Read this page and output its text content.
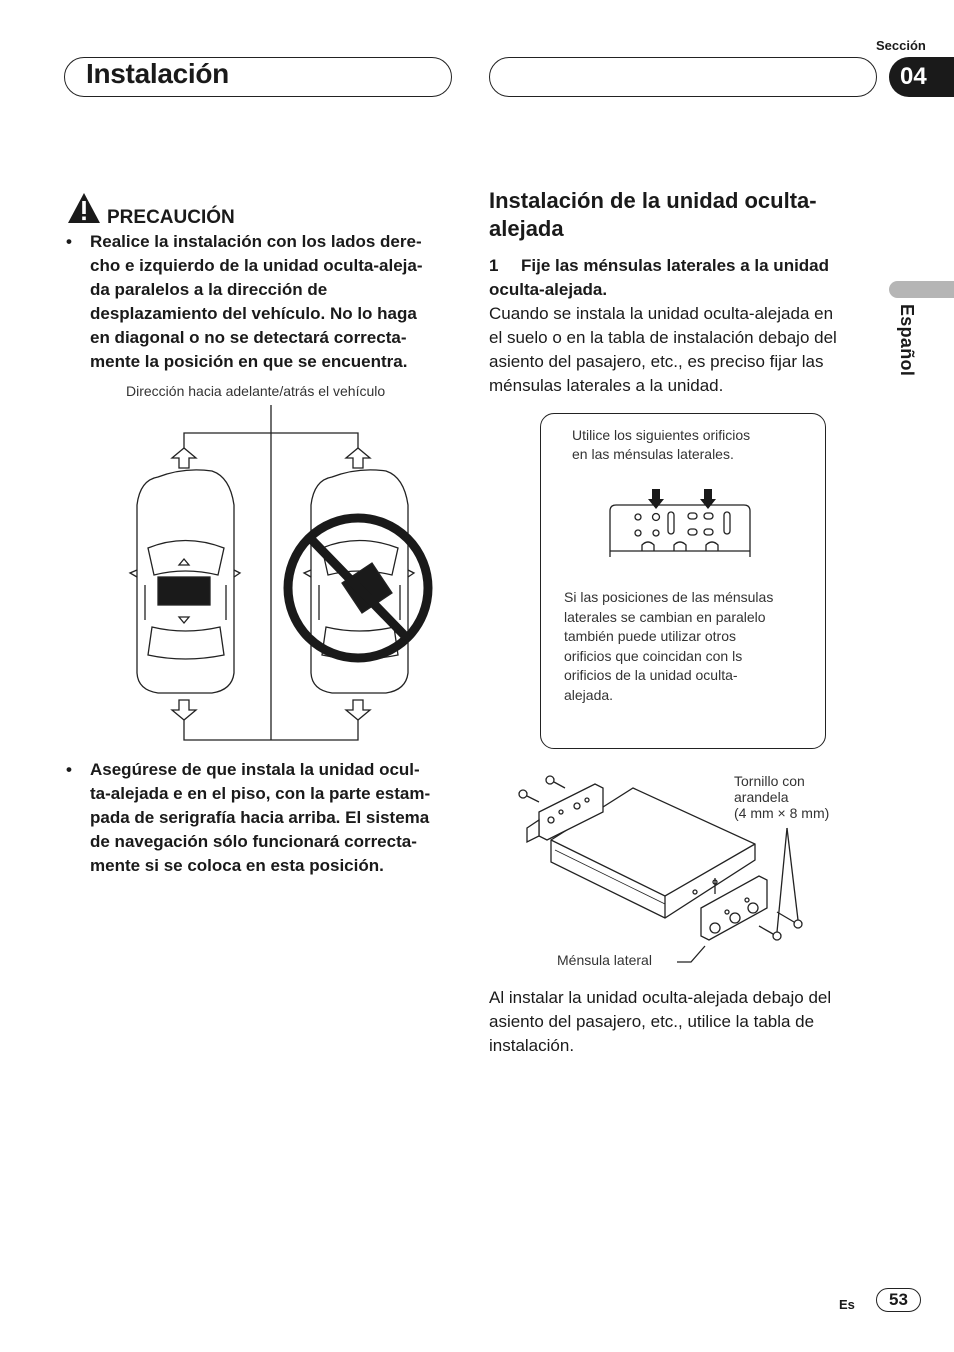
Instalación
Sección
04
Español
PRECAUCIÓN
• Realice la instalación con los lados dere-
cho e izquierdo de la unidad oculta-aleja-
da paralelos a la dirección de
desplazamiento del vehículo. No lo haga
en diagonal o no se detectará correcta-
mente la posición en que se encuentra.
Dirección hacia adelante/atrás el vehículo
• Asegúrese de que instala la unidad ocul-
ta-alejada e en el piso, con la parte estam-
pada de serigrafía hacia arriba. El sistema
de navegación sólo funcionará correcta-
mente si se coloca en esta posición.
Instalación de la unidad oculta-
alejada
1	Fije las ménsulas laterales a la unidad
oculta-alejada.
Cuando se instala la unidad oculta-alejada en
el suelo o en la tabla de instalación debajo del
asiento del pasajero, etc., es preciso fijar las
ménsulas laterales a la unidad.
Utilice los siguientes orificios
en las ménsulas laterales.
Si las posiciones de las ménsulas
laterales se cambian en paralelo
también puede utilizar otros
orificios que coincidan con ls
orificios de la unidad oculta-
alejada.
Tornillo con
arandela
(4 mm × 8 mm)
Ménsula lateral
Al instalar la unidad oculta-alejada debajo del
asiento del pasajero, etc., utilice la tabla de
instalación.
Es 53
